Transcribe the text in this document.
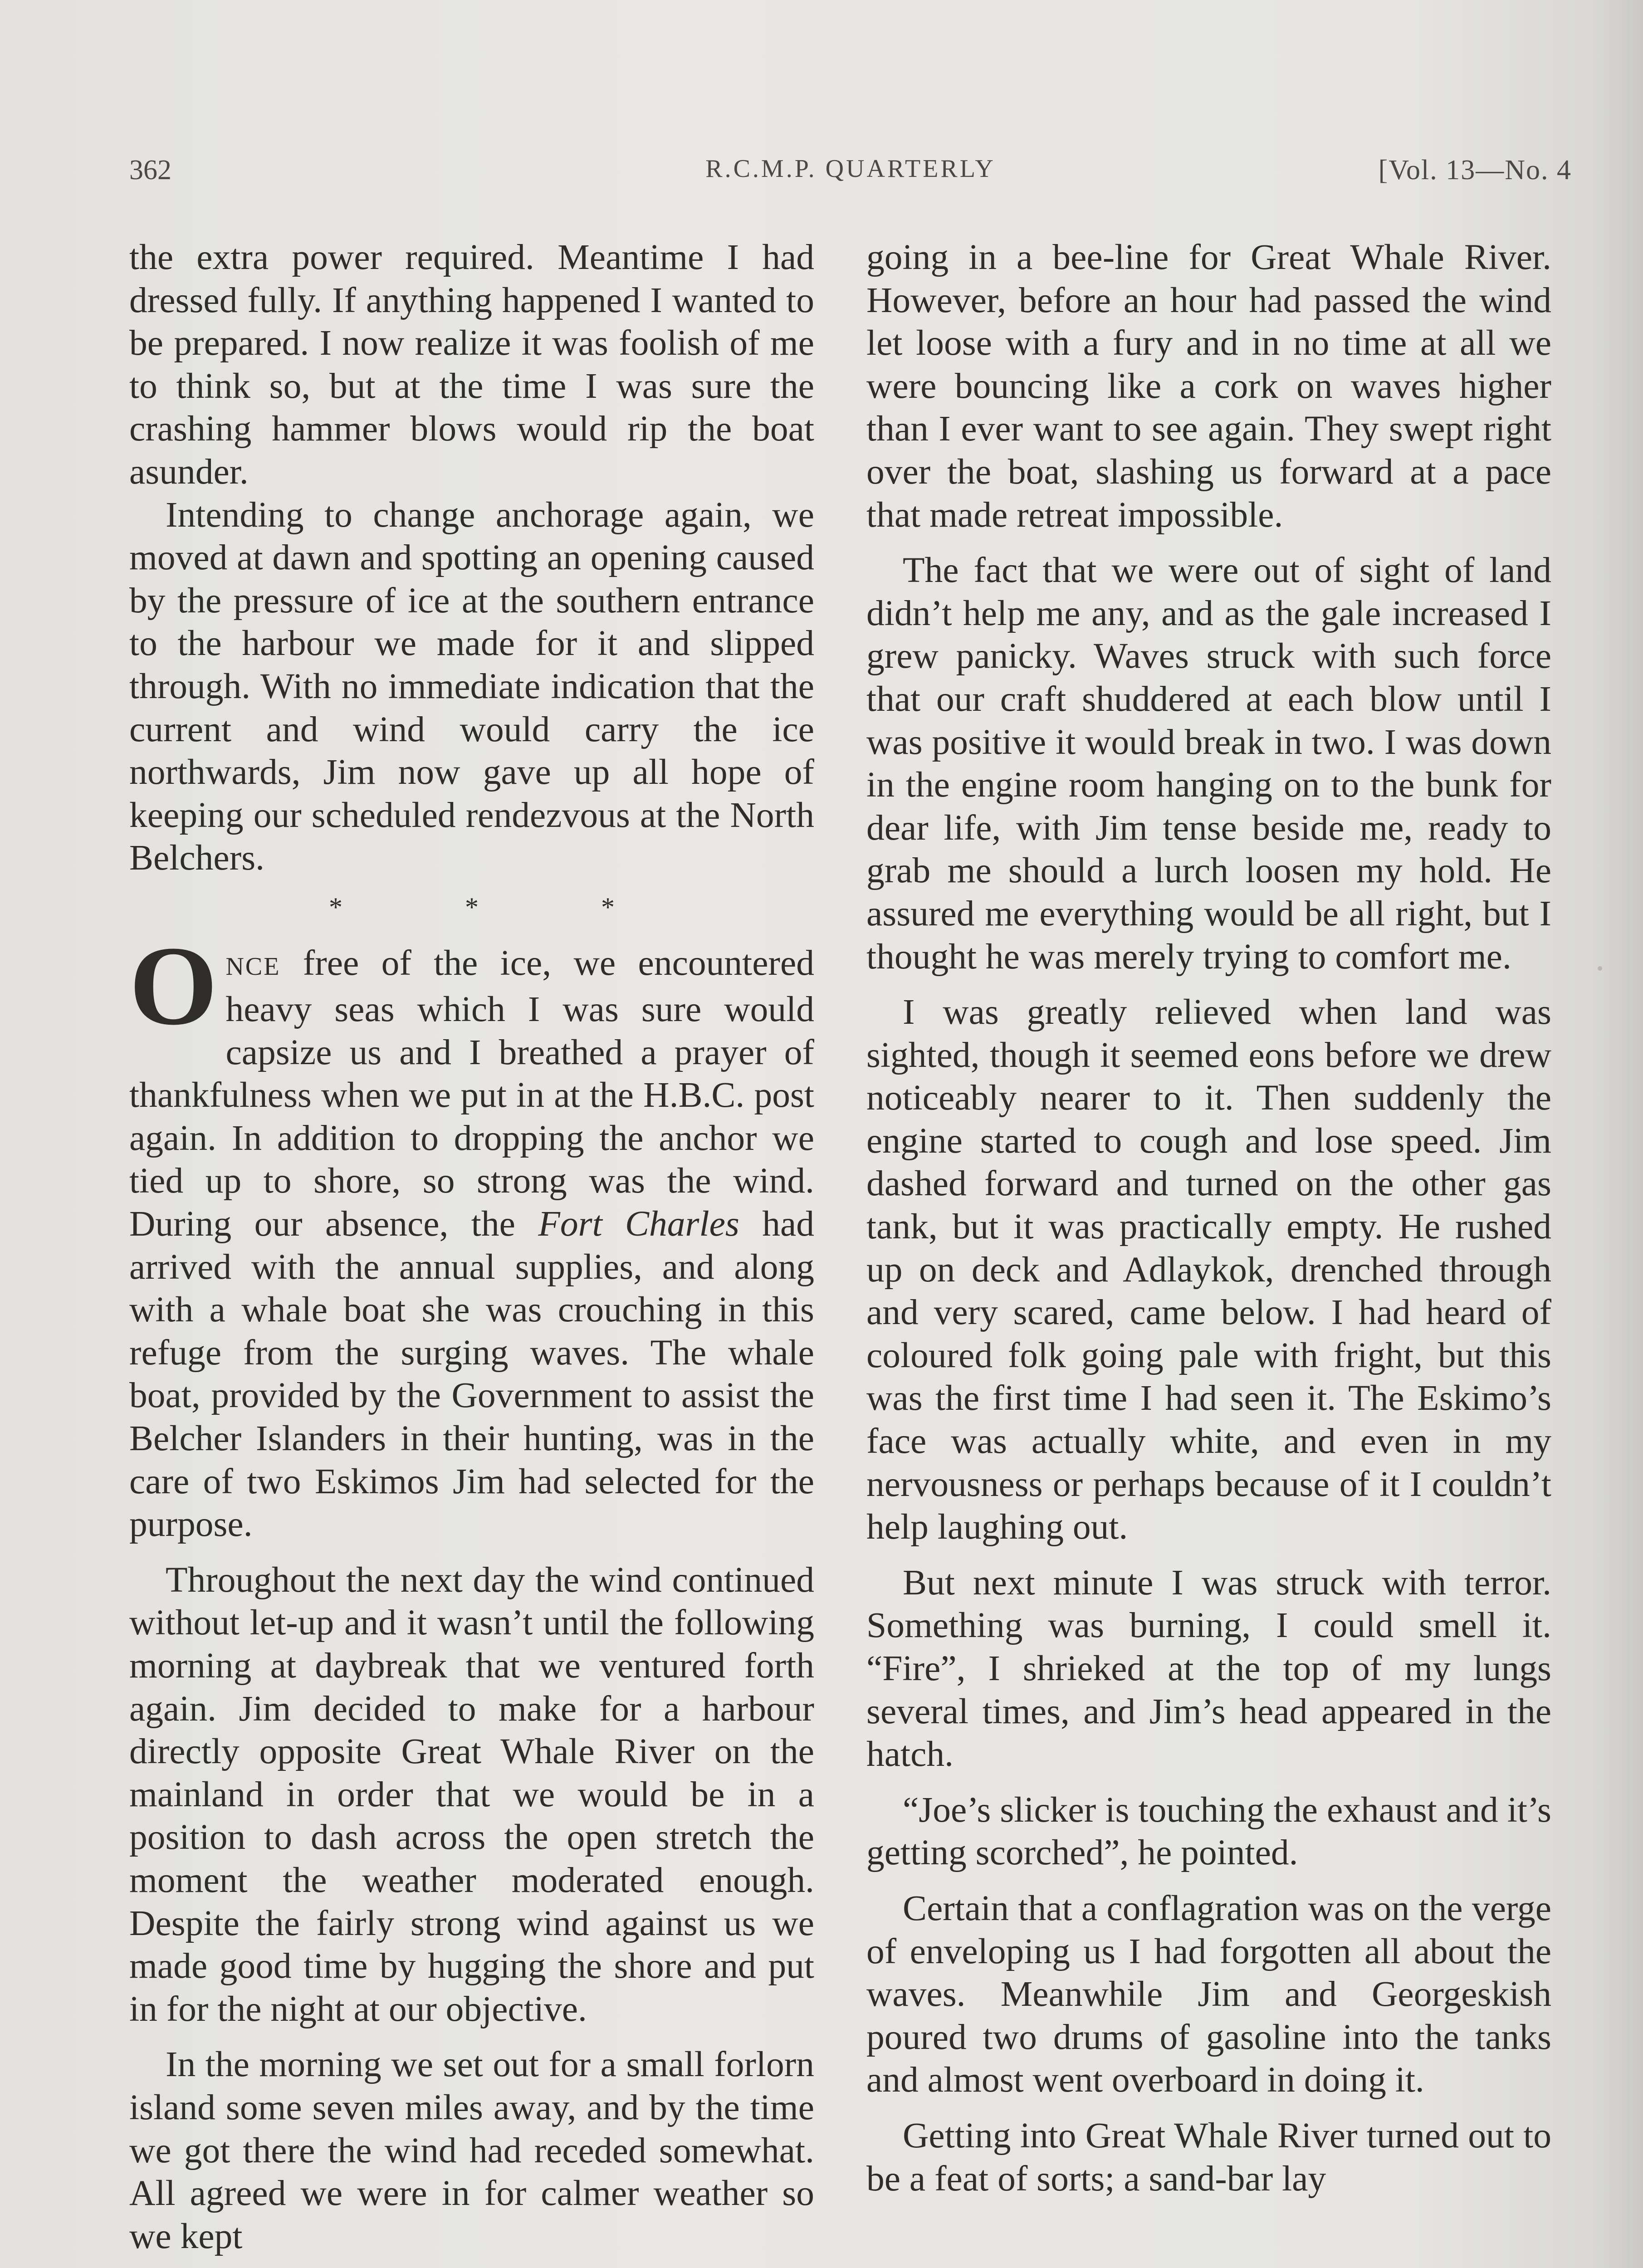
362	R.C.M.P. QUARTERLY	[Vol. 13—No. 4

the extra power required. Meantime I had dressed fully. If anything happened I wanted to be prepared. I now realize it was foolish of me to think so, but at the time I was sure the crashing hammer blows would rip the boat asunder.

Intending to change anchorage again, we moved at dawn and spotting an opening caused by the pressure of ice at the southern entrance to the harbour we made for it and slipped through. With no immediate indication that the current and wind would carry the ice northwards, Jim now gave up all hope of keeping our scheduled rendezvous at the North Belchers.

*	*	*

ONCE free of the ice, we encountered heavy seas which I was sure would capsize us and I breathed a prayer of thankfulness when we put in at the H.B.C. post again. In addition to dropping the anchor we tied up to shore, so strong was the wind. During our absence, the Fort Charles had arrived with the annual supplies, and along with a whale boat she was crouching in this refuge from the surging waves. The whale boat, provided by the Government to assist the Belcher Islanders in their hunting, was in the care of two Eskimos Jim had selected for the purpose.

Throughout the next day the wind continued without let-up and it wasn’t until the following morning at daybreak that we ventured forth again. Jim decided to make for a harbour directly opposite Great Whale River on the mainland in order that we would be in a position to dash across the open stretch the moment the weather moderated enough. Despite the fairly strong wind against us we made good time by hugging the shore and put in for the night at our objective.

In the morning we set out for a small forlorn island some seven miles away, and by the time we got there the wind had receded somewhat. All agreed we were in for calmer weather so we kept

going in a bee-line for Great Whale River. However, before an hour had passed the wind let loose with a fury and in no time at all we were bouncing like a cork on waves higher than I ever want to see again. They swept right over the boat, slashing us forward at a pace that made retreat impossible.

The fact that we were out of sight of land didn’t help me any, and as the gale increased I grew panicky. Waves struck with such force that our craft shuddered at each blow until I was positive it would break in two. I was down in the engine room hanging on to the bunk for dear life, with Jim tense beside me, ready to grab me should a lurch loosen my hold. He assured me everything would be all right, but I thought he was merely trying to comfort me.

I was greatly relieved when land was sighted, though it seemed eons before we drew noticeably nearer to it. Then suddenly the engine started to cough and lose speed. Jim dashed forward and turned on the other gas tank, but it was practically empty. He rushed up on deck and Adlaykok, drenched through and very scared, came below. I had heard of coloured folk going pale with fright, but this was the first time I had seen it. The Eskimo’s face was actually white, and even in my nervousness or perhaps because of it I couldn’t help laughing out.

But next minute I was struck with terror. Something was burning, I could smell it. “Fire”, I shrieked at the top of my lungs several times, and Jim’s head appeared in the hatch.

“Joe’s slicker is touching the exhaust and it’s getting scorched”, he pointed.

Certain that a conflagration was on the verge of enveloping us I had forgotten all about the waves. Meanwhile Jim and Georgeskish poured two drums of gasoline into the tanks and almost went overboard in doing it.

Getting into Great Whale River turned out to be a feat of sorts; a sand-bar lay
